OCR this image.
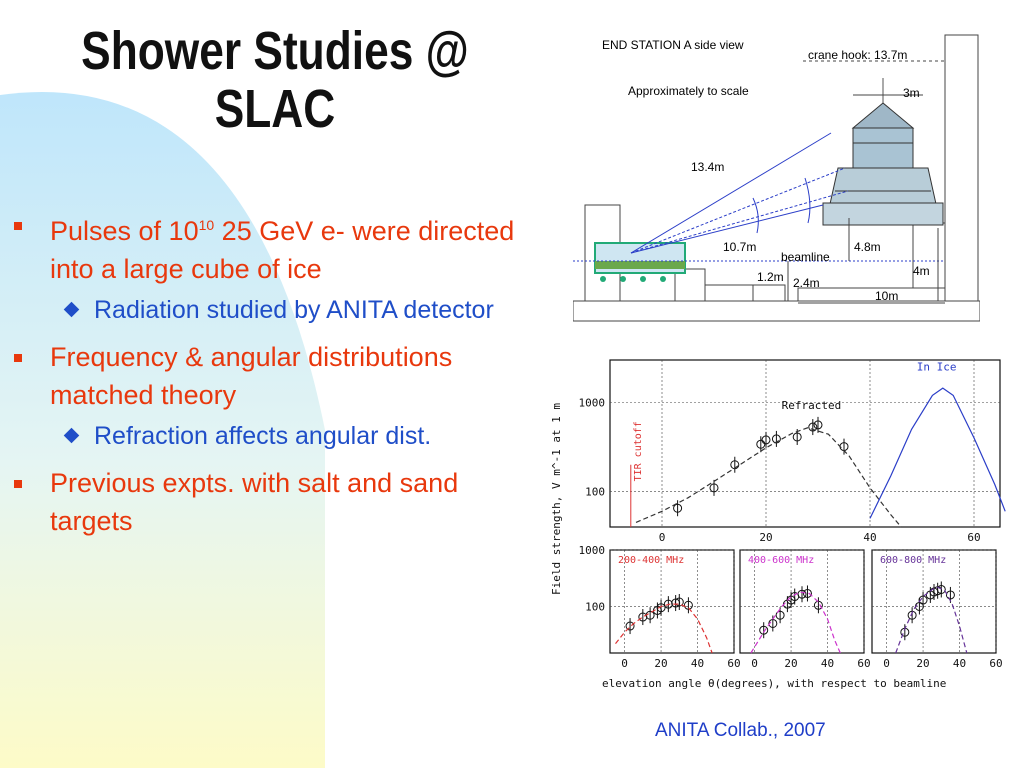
Shower Studies @
SLAC
Pulses of $10^{10}$ 25 GeV e- were directed into a large cube of ice
Radiation studied by ANITA detector
Frequency & angular distributions matched theory
Refraction affects angular dist.
Previous expts. with salt and sand targets
END STATION A side view
Approximately to scale
crane hook: 13.7m
3m
13.4m
10.7m
beamline
4.8m
4m
1.2m 2.4m
10m
Field strength, V m^-1 at 1 m
elevation angle θ(degrees), with respect to beamline
0	20	40	60
100
1000	Refracted
In Ice
TIR cutoff
0 20 40 60
100
1000
200-400 MHz
0 20 40 60
400-600 MHz
0 20 40 60
600-800 MHz
ANITA Collab., 2007
